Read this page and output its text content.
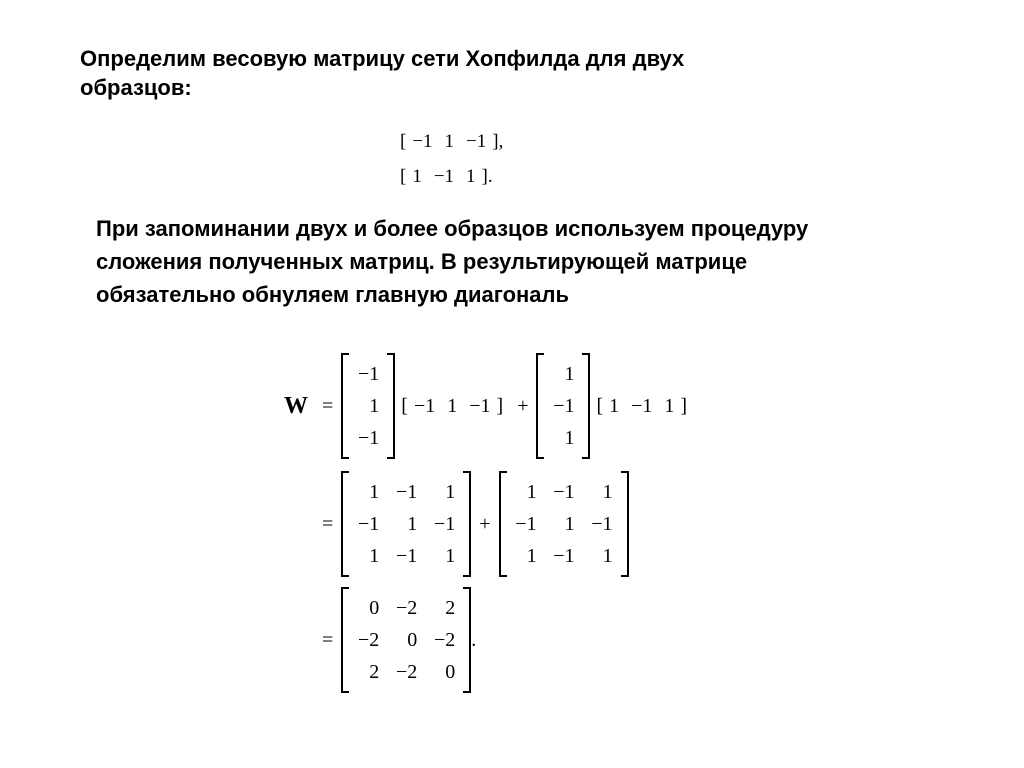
Определим весовую матрицу сети Хопфилда для двух
образцов:
[ −1 1 −1 ],
[ 1 −1 1 ].

При запоминании двух и более образцов используем процедуру
сложения полученных матриц. В результирующей матрице
обязательно обнуляем главную диагональ

W =
−1
1
−1
[ −1 1 −1 ] +
1
−1
1
[ 1 −1 1 ]
=
1	−1	1
−1	1	−1
1	−1	1
+
1	−1	1
−1	1	−1
1	−1	1
=
0	−2	2
−2	0	−2
2	−2	0
.
